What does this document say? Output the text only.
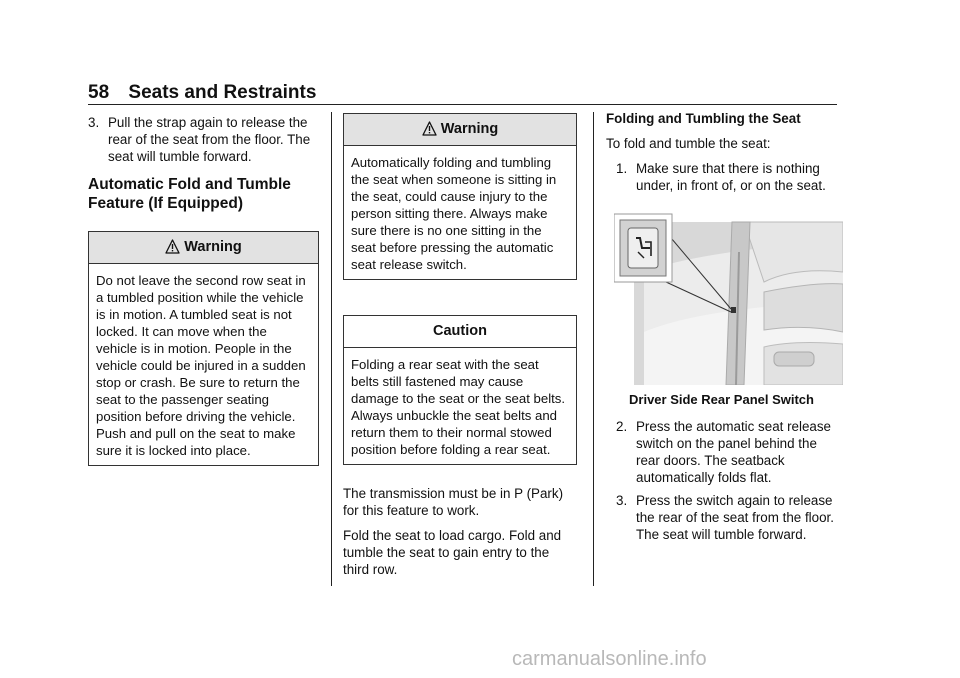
58 Seats and Restraints
3. Pull the strap again to release the rear of the seat from the floor. The seat will tumble forward.
Automatic Fold and Tumble Feature (If Equipped)
Warning
Do not leave the second row seat in a tumbled position while the vehicle is in motion. A tumbled seat is not locked. It can move when the vehicle is in motion. People in the vehicle could be injured in a sudden stop or crash. Be sure to return the seat to the passenger seating position before driving the vehicle. Push and pull on the seat to make sure it is locked into place.
Warning
Automatically folding and tumbling the seat when someone is sitting in the seat, could cause injury to the person sitting there. Always make sure there is no one sitting in the seat before pressing the automatic seat release switch.
Caution
Folding a rear seat with the seat belts still fastened may cause damage to the seat or the seat belts. Always unbuckle the seat belts and return them to their normal stowed position before folding a rear seat.

The transmission must be in P (Park) for this feature to work.

Fold the seat to load cargo. Fold and tumble the seat to gain entry to the third row.

Folding and Tumbling the Seat

To fold and tumble the seat:

1. Make sure that there is nothing under, in front of, or on the seat.
Driver Side Rear Panel Switch
2. Press the automatic seat release switch on the panel behind the rear doors. The seatback automatically folds flat.
3. Press the switch again to release the rear of the seat from the floor. The seat will tumble forward.
carmanualsonline.info
